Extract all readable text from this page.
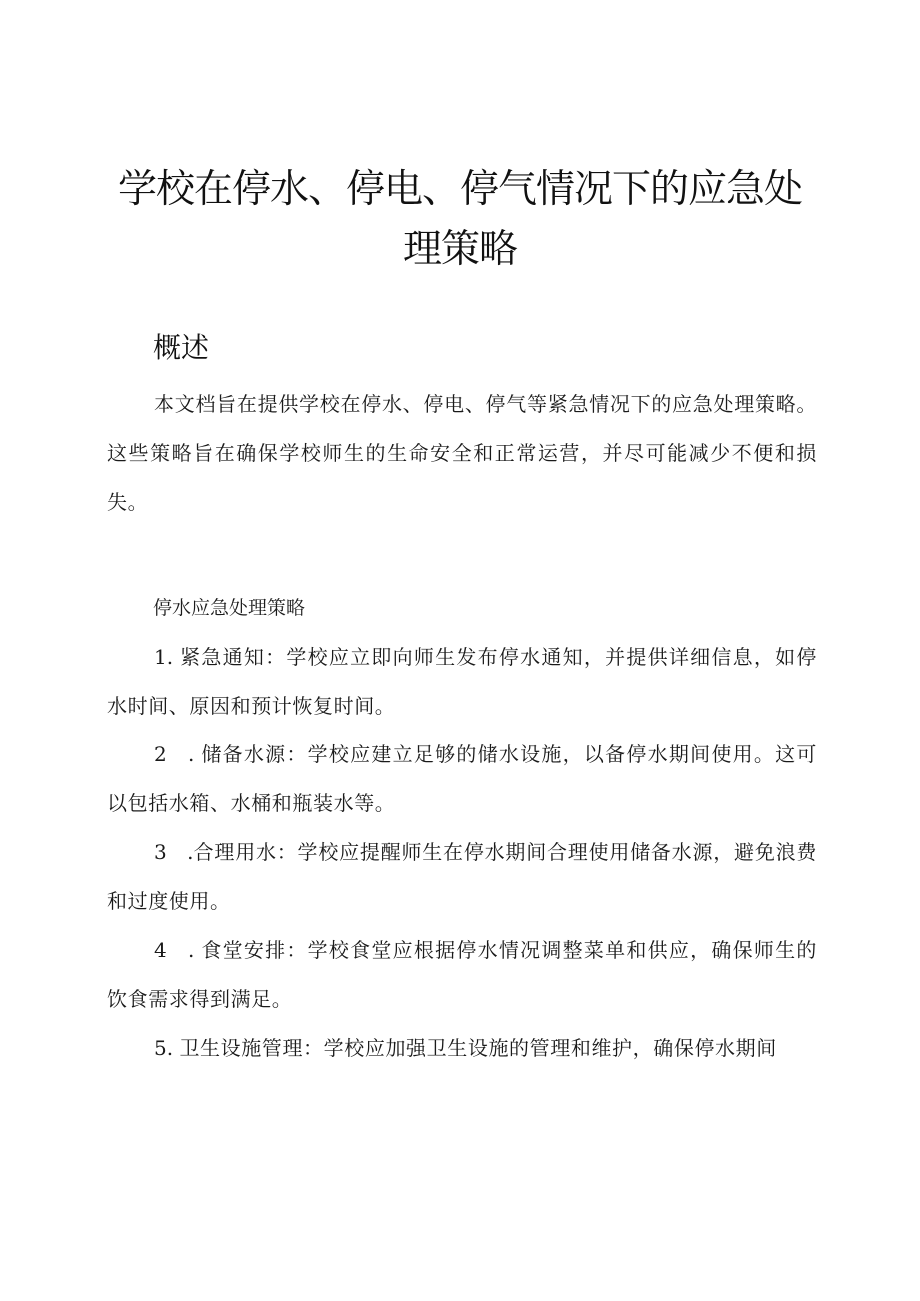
学校在停水、停电、停气情况下的应急处
理策略
概述

本文档旨在提供学校在停水、停电、停气等紧急情况下的应急处理策略。这些策略旨在确保学校师生的生命安全和正常运营，并尽可能减少不便和损失。

停水应急处理策略

1. 紧急通知：学校应立即向师生发布停水通知，并提供详细信息，如停水时间、原因和预计恢复时间。

2　. 储备水源：学校应建立足够的储水设施，以备停水期间使用。这可以包括水箱、水桶和瓶装水等。

3　.合理用水：学校应提醒师生在停水期间合理使用储备水源，避免浪费和过度使用。

4　. 食堂安排：学校食堂应根据停水情况调整菜单和供应，确保师生的饮食需求得到满足。

5. 卫生设施管理：学校应加强卫生设施的管理和维护，确保停水期间
